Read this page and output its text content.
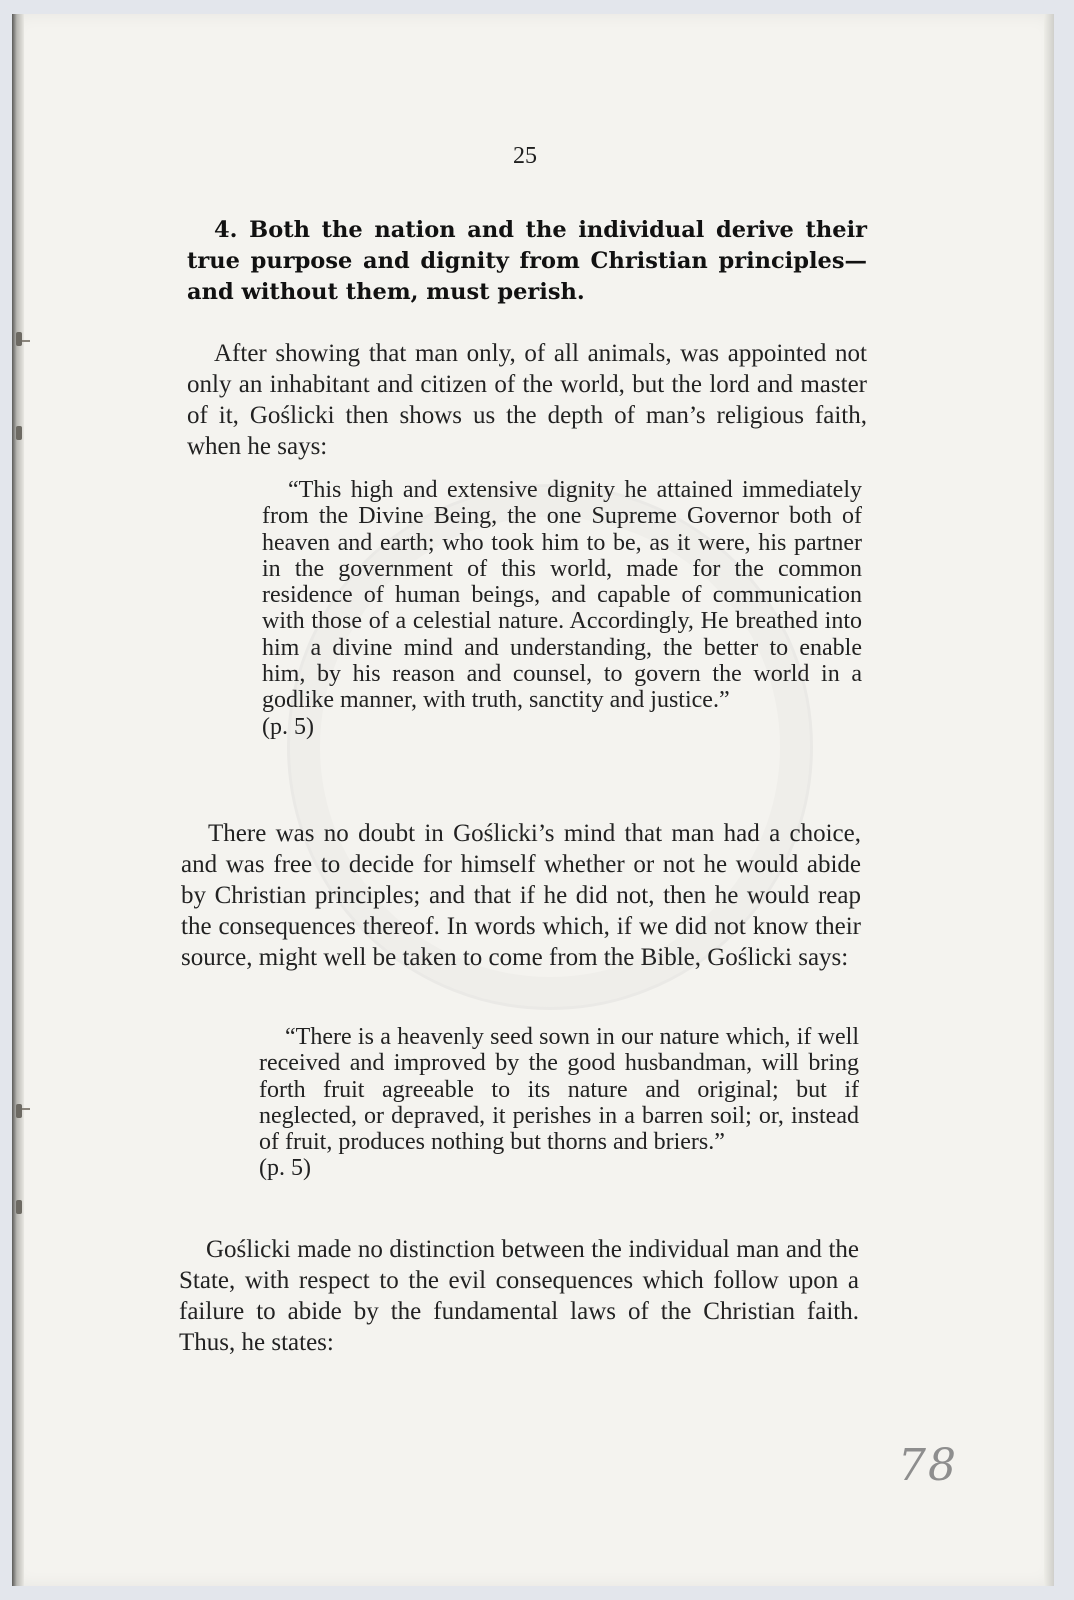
25
4. Both the nation and the individual derive their true purpose and dignity from Christian principles—and without them, must perish.
After showing that man only, of all animals, was appointed not only an inhabitant and citizen of the world, but the lord and master of it, Goślicki then shows us the depth of man’s religious faith, when he says:
“This high and extensive dignity he attained immediately from the Divine Being, the one Supreme Governor both of heaven and earth; who took him to be, as it were, his partner in the government of this world, made for the common residence of human beings, and capable of communication with those of a celestial nature. Accordingly, He breathed into him a divine mind and understanding, the better to enable him, by his reason and counsel, to govern the world in a godlike manner, with truth, sanctity and justice.”
(p. 5)
There was no doubt in Goślicki’s mind that man had a choice, and was free to decide for himself whether or not he would abide by Christian principles; and that if he did not, then he would reap the consequences thereof. In words which, if we did not know their source, might well be taken to come from the Bible, Goślicki says:
“There is a heavenly seed sown in our nature which, if well received and improved by the good husbandman, will bring forth fruit agreeable to its nature and original; but if neglected, or depraved, it perishes in a barren soil; or, instead of fruit, produces nothing but thorns and briers.”
(p. 5)
Goślicki made no distinction between the individual man and the State, with respect to the evil consequences which follow upon a failure to abide by the fundamental laws of the Christian faith. Thus, he states:
78
